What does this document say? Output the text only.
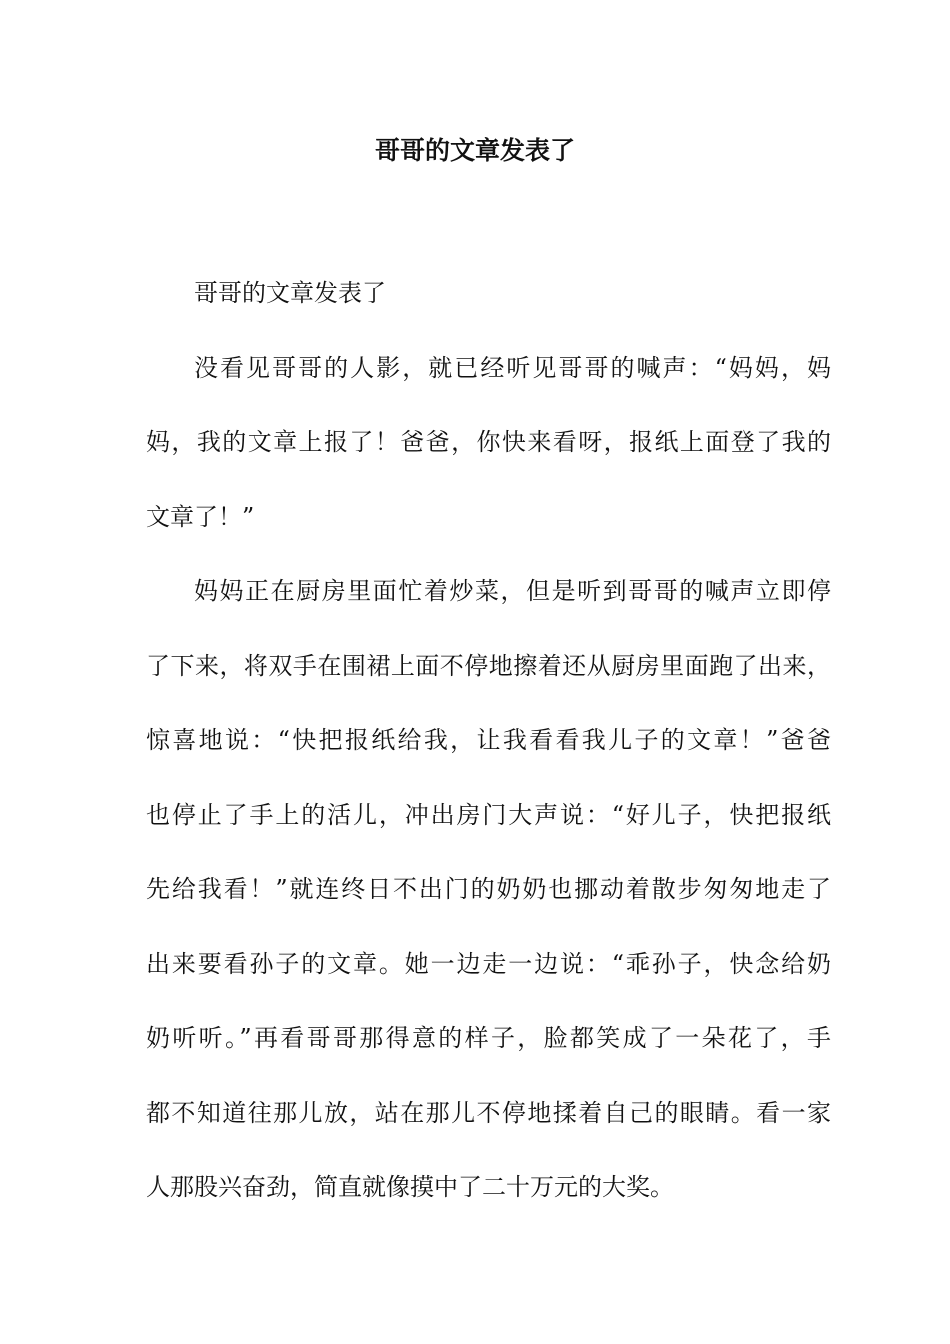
哥哥的文章发表了
哥哥的文章发表了
没看见哥哥的人影，就已经听见哥哥的喊声：“妈妈，妈
妈，我的文章上报了！爸爸，你快来看呀，报纸上面登了我的
文章了！”
妈妈正在厨房里面忙着炒菜，但是听到哥哥的喊声立即停
了下来，将双手在围裙上面不停地擦着还从厨房里面跑了出来，
惊喜地说：“快把报纸给我，让我看看我儿子的文章！”爸爸
也停止了手上的活儿，冲出房门大声说：“好儿子，快把报纸
先给我看！”就连终日不出门的奶奶也挪动着散步匆匆地走了
出来要看孙子的文章。她一边走一边说：“乖孙子，快念给奶
奶听听。”再看哥哥那得意的样子，脸都笑成了一朵花了，手
都不知道往那儿放，站在那儿不停地揉着自己的眼睛。看一家
人那股兴奋劲，简直就像摸中了二十万元的大奖。
